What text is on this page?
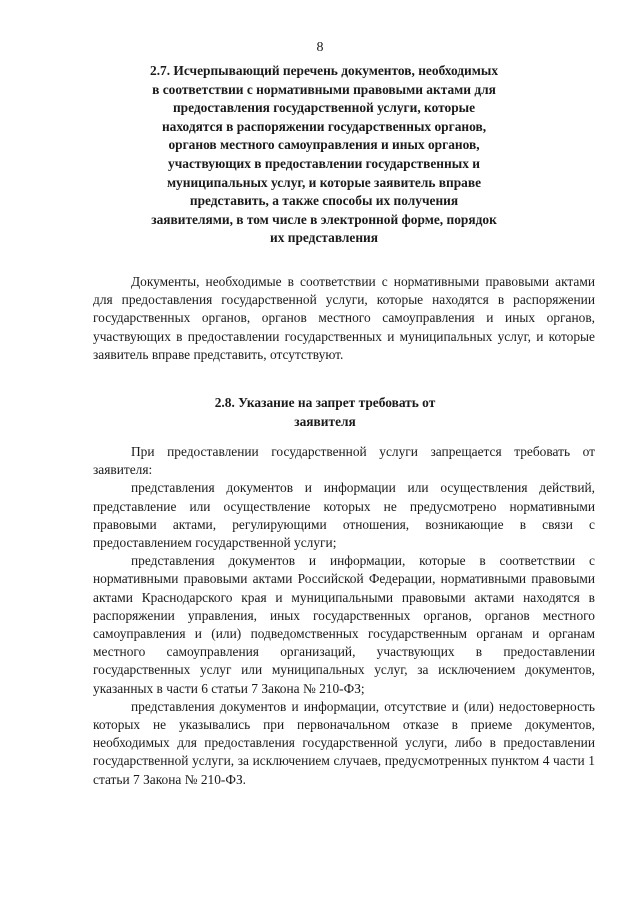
8
2.7. Исчерпывающий перечень документов, необходимых в соответствии с нормативными правовыми актами для предоставления государственной услуги, которые находятся в распоряжении государственных органов, органов местного самоуправления и иных органов, участвующих в предоставлении государственных и муниципальных услуг, и которые заявитель вправе представить, а также способы их получения заявителями, в том числе в электронной форме, порядок их представления

Документы, необходимые в соответствии с нормативными правовыми актами для предоставления государственной услуги, которые находятся в распоряжении государственных органов, органов местного самоуправления и иных органов, участвующих в предоставлении государственных и муниципальных услуг, и которые заявитель вправе представить, отсутствуют.

2.8. Указание на запрет требовать от заявителя

При предоставлении государственной услуги запрещается требовать от заявителя:

представления документов и информации или осуществления действий, представление или осуществление которых не предусмотрено нормативными правовыми актами, регулирующими отношения, возникающие в связи с предоставлением государственной услуги;

представления документов и информации, которые в соответствии с нормативными правовыми актами Российской Федерации, нормативными правовыми актами Краснодарского края и муниципальными правовыми актами находятся в распоряжении управления, иных государственных органов, органов местного самоуправления и (или) подведомственных государственным органам и органам местного самоуправления организаций, участвующих в предоставлении государственных услуг или муниципальных услуг, за исключением документов, указанных в части 6 статьи 7 Закона № 210-ФЗ;

представления документов и информации, отсутствие и (или) недостоверность которых не указывались при первоначальном отказе в приеме документов, необходимых для предоставления государственной услуги, либо в предоставлении государственной услуги, за исключением случаев, предусмотренных пунктом 4 части 1 статьи 7 Закона № 210-ФЗ.
